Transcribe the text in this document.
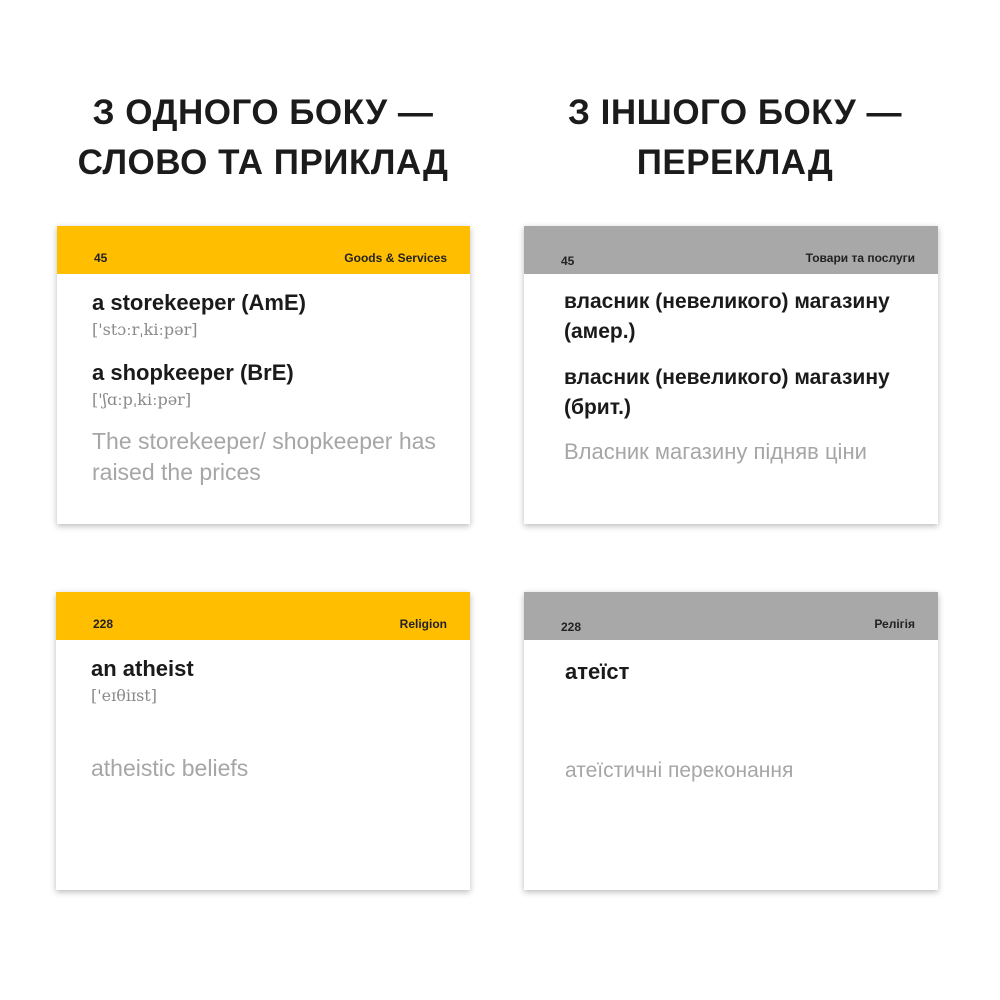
З ОДНОГО БОКУ —
СЛОВО ТА ПРИКЛАД
З ІНШОГО БОКУ —
ПЕРЕКЛАД
45	Goods & Services
a storekeeper (AmE)
['stɔːrˌkiːpər]
a shopkeeper (BrE)
['ʃɑːpˌkiːpər]
The storekeeper/ shopkeeper has raised the prices
45	Товари та послуги
власник (невеликого) магазину (амер.)
власник (невеликого) магазину (брит.)
Власник магазину підняв ціни
228	Religion
an atheist
['eɪθiɪst]
atheistic beliefs
228	Релігія
атеїст
атеїстичні переконання
